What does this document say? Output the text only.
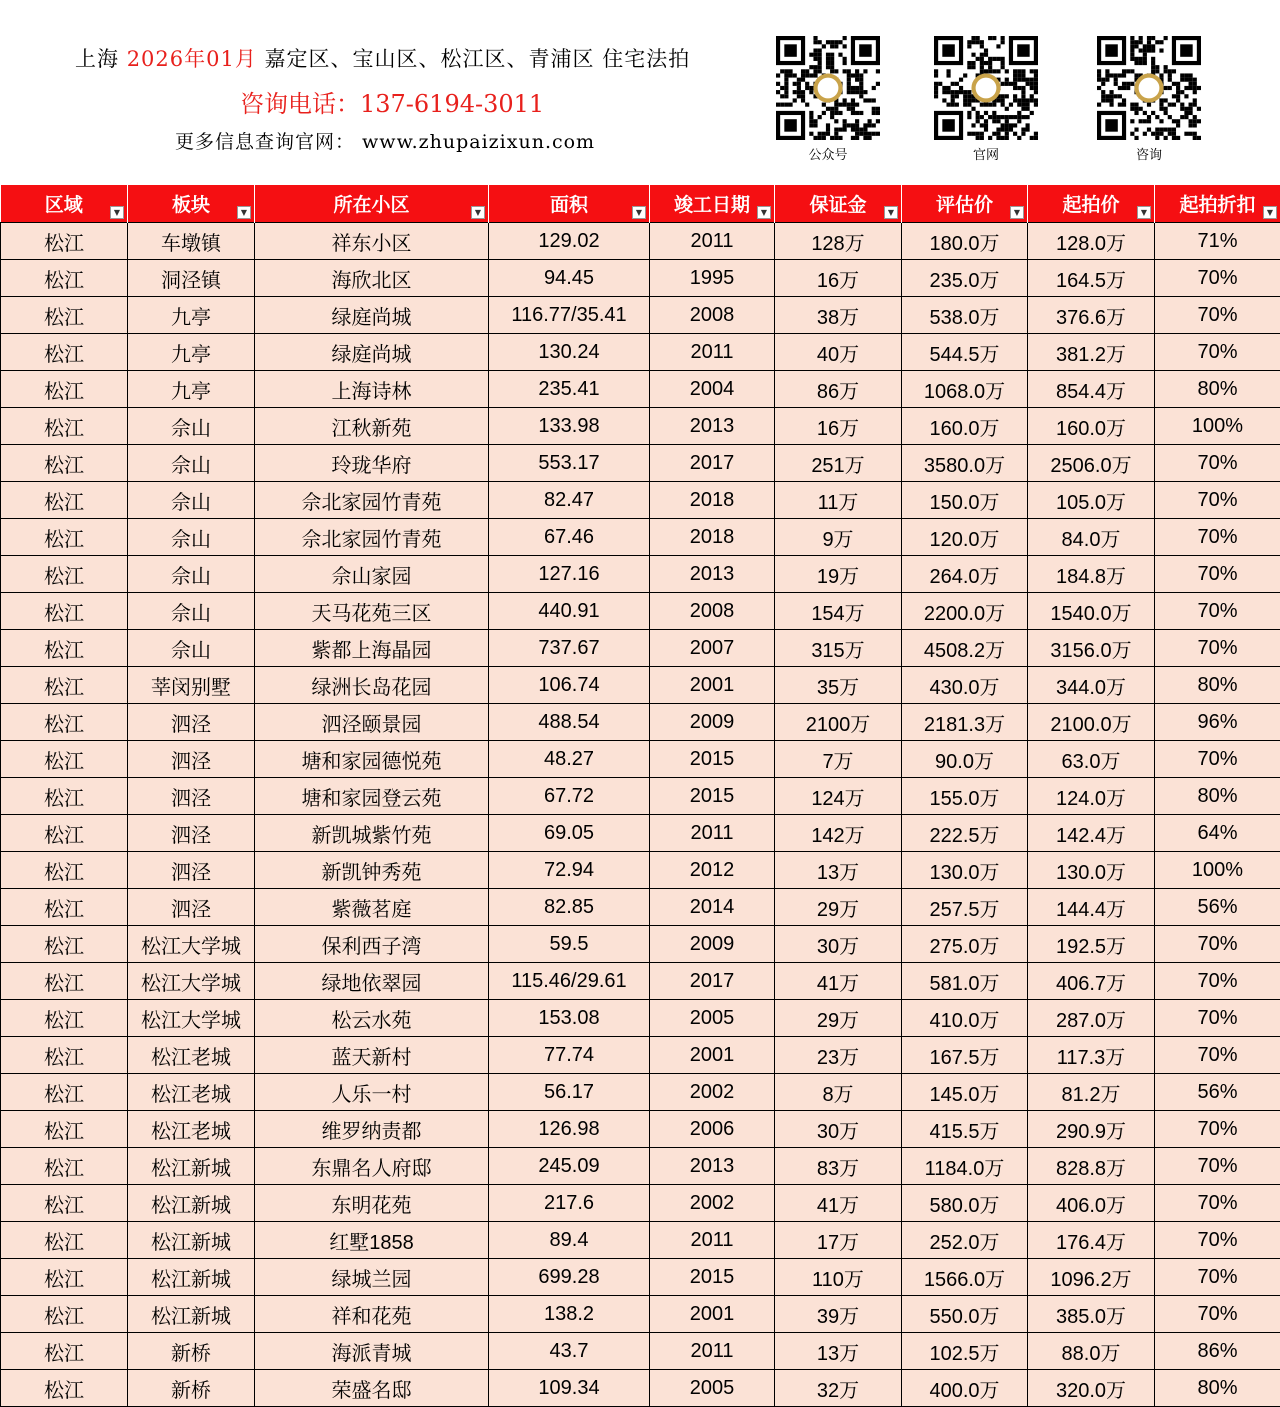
上海 2026年01月 嘉定区、宝山区、松江区、青浦区 住宅法拍
咨询电话：137-6194-3011
更多信息查询官网： www.zhupaizixun.com
公众号	官网	咨询
区域 ▼	板块 ▼	所在小区 ▼	面积 ▼	竣工日期 ▼	保证金 ▼	评估价 ▼	起拍价 ▼	起拍折扣 ▼

松江	车墩镇	祥东小区	129.02	2011	128万	180.0万	128.0万	71%
松江	洞泾镇	海欣北区	94.45	1995	16万	235.0万	164.5万	70%
松江	九亭	绿庭尚城	116.77/35.41	2008	38万	538.0万	376.6万	70%
松江	九亭	绿庭尚城	130.24	2011	40万	544.5万	381.2万	70%
松江	九亭	上海诗林	235.41	2004	86万	1068.0万	854.4万	80%
松江	佘山	江秋新苑	133.98	2013	16万	160.0万	160.0万	100%
松江	佘山	玲珑华府	553.17	2017	251万	3580.0万	2506.0万	70%
松江	佘山	佘北家园竹青苑	82.47	2018	11万	150.0万	105.0万	70%
松江	佘山	佘北家园竹青苑	67.46	2018	9万	120.0万	84.0万	70%
松江	佘山	佘山家园	127.16	2013	19万	264.0万	184.8万	70%
松江	佘山	天马花苑三区	440.91	2008	154万	2200.0万	1540.0万	70%
松江	佘山	紫都上海晶园	737.67	2007	315万	4508.2万	3156.0万	70%
松江	莘闵别墅	绿洲长岛花园	106.74	2001	35万	430.0万	344.0万	80%
松江	泗泾	泗泾颐景园	488.54	2009	2100万	2181.3万	2100.0万	96%
松江	泗泾	塘和家园德悦苑	48.27	2015	7万	90.0万	63.0万	70%
松江	泗泾	塘和家园登云苑	67.72	2015	124万	155.0万	124.0万	80%
松江	泗泾	新凯城紫竹苑	69.05	2011	142万	222.5万	142.4万	64%
松江	泗泾	新凯钟秀苑	72.94	2012	13万	130.0万	130.0万	100%
松江	泗泾	紫薇茗庭	82.85	2014	29万	257.5万	144.4万	56%
松江	松江大学城	保利西子湾	59.5	2009	30万	275.0万	192.5万	70%
松江	松江大学城	绿地依翠园	115.46/29.61	2017	41万	581.0万	406.7万	70%
松江	松江大学城	松云水苑	153.08	2005	29万	410.0万	287.0万	70%
松江	松江老城	蓝天新村	77.74	2001	23万	167.5万	117.3万	70%
松江	松江老城	人乐一村	56.17	2002	8万	145.0万	81.2万	56%
松江	松江老城	维罗纳责都	126.98	2006	30万	415.5万	290.9万	70%
松江	松江新城	东鼎名人府邸	245.09	2013	83万	1184.0万	828.8万	70%
松江	松江新城	东明花苑	217.6	2002	41万	580.0万	406.0万	70%
松江	松江新城	红墅1858	89.4	2011	17万	252.0万	176.4万	70%
松江	松江新城	绿城兰园	699.28	2015	110万	1566.0万	1096.2万	70%
松江	松江新城	祥和花苑	138.2	2001	39万	550.0万	385.0万	70%
松江	新桥	海派青城	43.7	2011	13万	102.5万	88.0万	86%
松江	新桥	荣盛名邸	109.34	2005	32万	400.0万	320.0万	80%
